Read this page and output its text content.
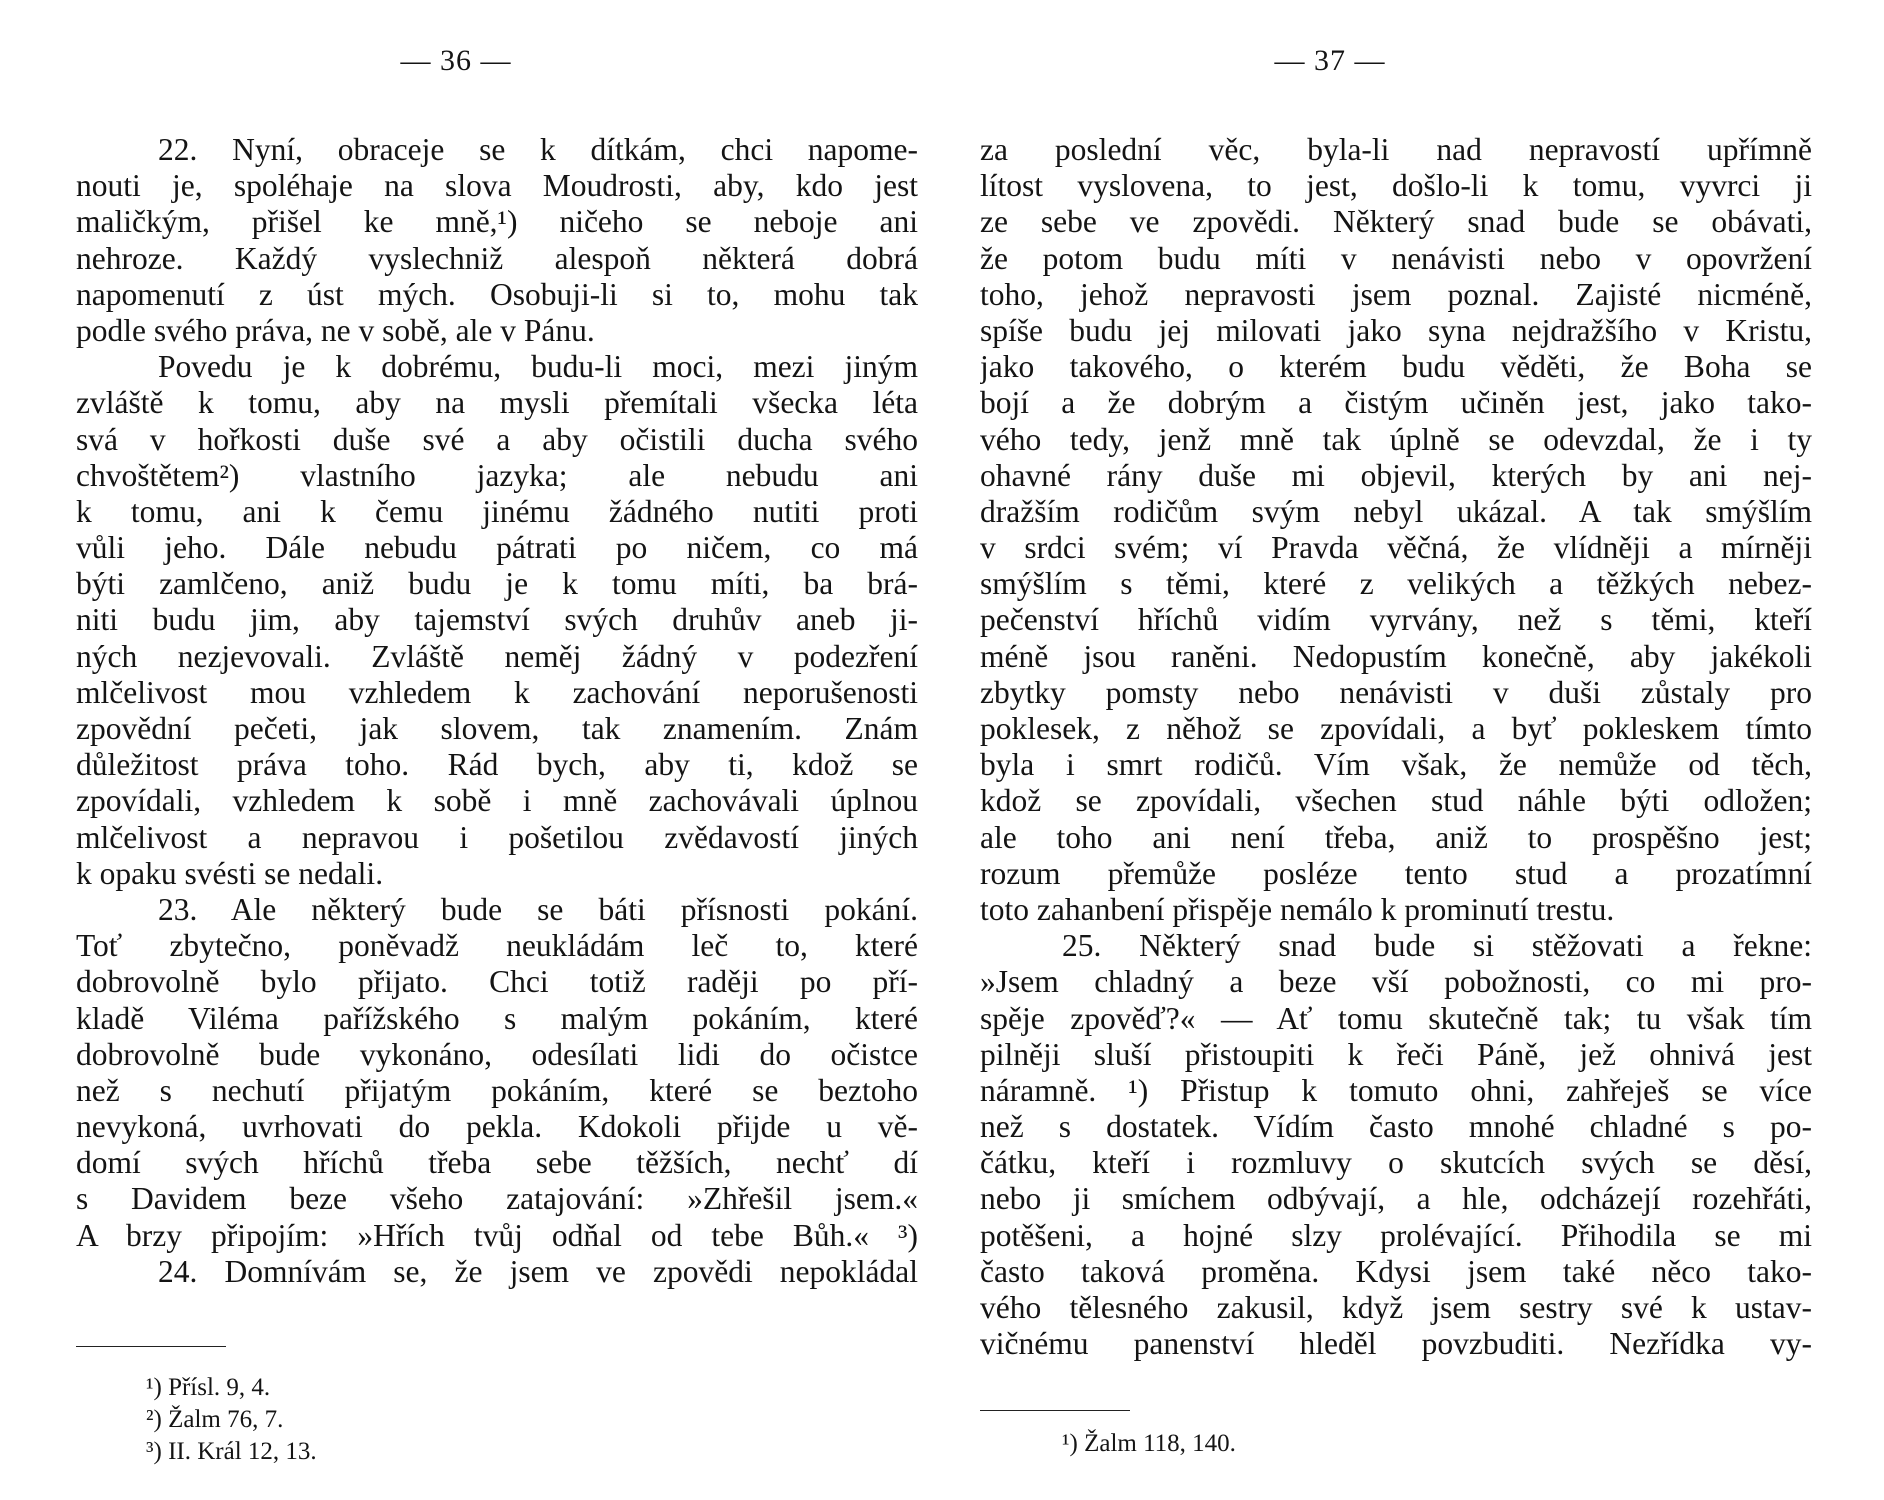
— 36 —
22. Nyní, obraceje se k dítkám, chci napome-
nouti je, spoléhaje na slova Moudrosti, aby, kdo jest
maličkým, přišel ke mně,¹) ničeho se neboje ani
nehroze. Každý vyslechniž alespoň některá dobrá
napomenutí z úst mých. Osobuji-li si to, mohu tak
podle svého práva, ne v sobě, ale v Pánu.
Povedu je k dobrému, budu-li moci, mezi jiným
zvláště k tomu, aby na mysli přemítali všecka léta
svá v hořkosti duše své a aby očistili ducha svého
chvoštětem²) vlastního jazyka; ale nebudu ani
k tomu, ani k čemu jinému žádného nutiti proti
vůli jeho. Dále nebudu pátrati po ničem, co má
býti zamlčeno, aniž budu je k tomu míti, ba brá-
niti budu jim, aby tajemství svých druhův aneb ji-
ných nezjevovali. Zvláště neměj žádný v podezření
mlčelivost mou vzhledem k zachování neporušenosti
zpovědní pečeti, jak slovem, tak znamením. Znám
důležitost práva toho. Rád bych, aby ti, kdož se
zpovídali, vzhledem k sobě i mně zachovávali úplnou
mlčelivost a nepravou i pošetilou zvědavostí jiných
k opaku svésti se nedali.
23. Ale některý bude se báti přísnosti pokání.
Toť zbytečno, poněvadž neukládám leč to, které
dobrovolně bylo přijato. Chci totiž raději po pří-
kladě Viléma pařížského s malým pokáním, které
dobrovolně bude vykonáno, odesílati lidi do očistce
než s nechutí přijatým pokáním, které se beztoho
nevykoná, uvrhovati do pekla. Kdokoli přijde u vě-
domí svých hříchů třeba sebe těžších, nechť dí
s Davidem beze všeho zatajování: »Zhřešil jsem.«
A brzy připojím: »Hřích tvůj odňal od tebe Bůh.« ³)
24. Domnívám se, že jsem ve zpovědi nepokládal
¹) Přísl. 9, 4.
²) Žalm 76, 7.
³) II. Král 12, 13.
— 37 —
za poslední věc, byla-li nad nepravostí upřímně
lítost vyslovena, to jest, došlo-li k tomu, vyvrci ji
ze sebe ve zpovědi. Některý snad bude se obávati,
že potom budu míti v nenávisti nebo v opovržení
toho, jehož nepravosti jsem poznal. Zajisté nicméně,
spíše budu jej milovati jako syna nejdražšího v Kristu,
jako takového, o kterém budu věděti, že Boha se
bojí a že dobrým a čistým učiněn jest, jako tako-
vého tedy, jenž mně tak úplně se odevzdal, že i ty
ohavné rány duše mi objevil, kterých by ani nej-
dražším rodičům svým nebyl ukázal. A tak smýšlím
v srdci svém; ví Pravda věčná, že vlídněji a mírněji
smýšlím s těmi, které z velikých a těžkých nebez-
pečenství hříchů vidím vyrvány, než s těmi, kteří
méně jsou raněni. Nedopustím konečně, aby jakékoli
zbytky pomsty nebo nenávisti v duši zůstaly pro
poklesek, z něhož se zpovídali, a byť pokleskem tímto
byla i smrt rodičů. Vím však, že nemůže od těch,
kdož se zpovídali, všechen stud náhle býti odložen;
ale toho ani není třeba, aniž to prospěšno jest;
rozum přemůže posléze tento stud a prozatímní
toto zahanbení přispěje nemálo k prominutí trestu.
25. Některý snad bude si stěžovati a řekne:
»Jsem chladný a beze vší pobožnosti, co mi pro-
spěje zpověď?« — Ať tomu skutečně tak; tu však tím
pilněji sluší přistoupiti k řeči Páně, jež ohnivá jest
náramně. ¹) Přistup k tomuto ohni, zahřeješ se více
než s dostatek. Vídím často mnohé chladné s po-
čátku, kteří i rozmluvy o skutcích svých se děsí,
nebo ji smíchem odbývají, a hle, odcházejí rozehřáti,
potěšeni, a hojné slzy prolévající. Přihodila se mi
často taková proměna. Kdysi jsem také něco tako-
vého tělesného zakusil, když jsem sestry své k ustav-
vičnému panenství hleděl povzbuditi. Nezřídka vy-
¹) Žalm 118, 140.
